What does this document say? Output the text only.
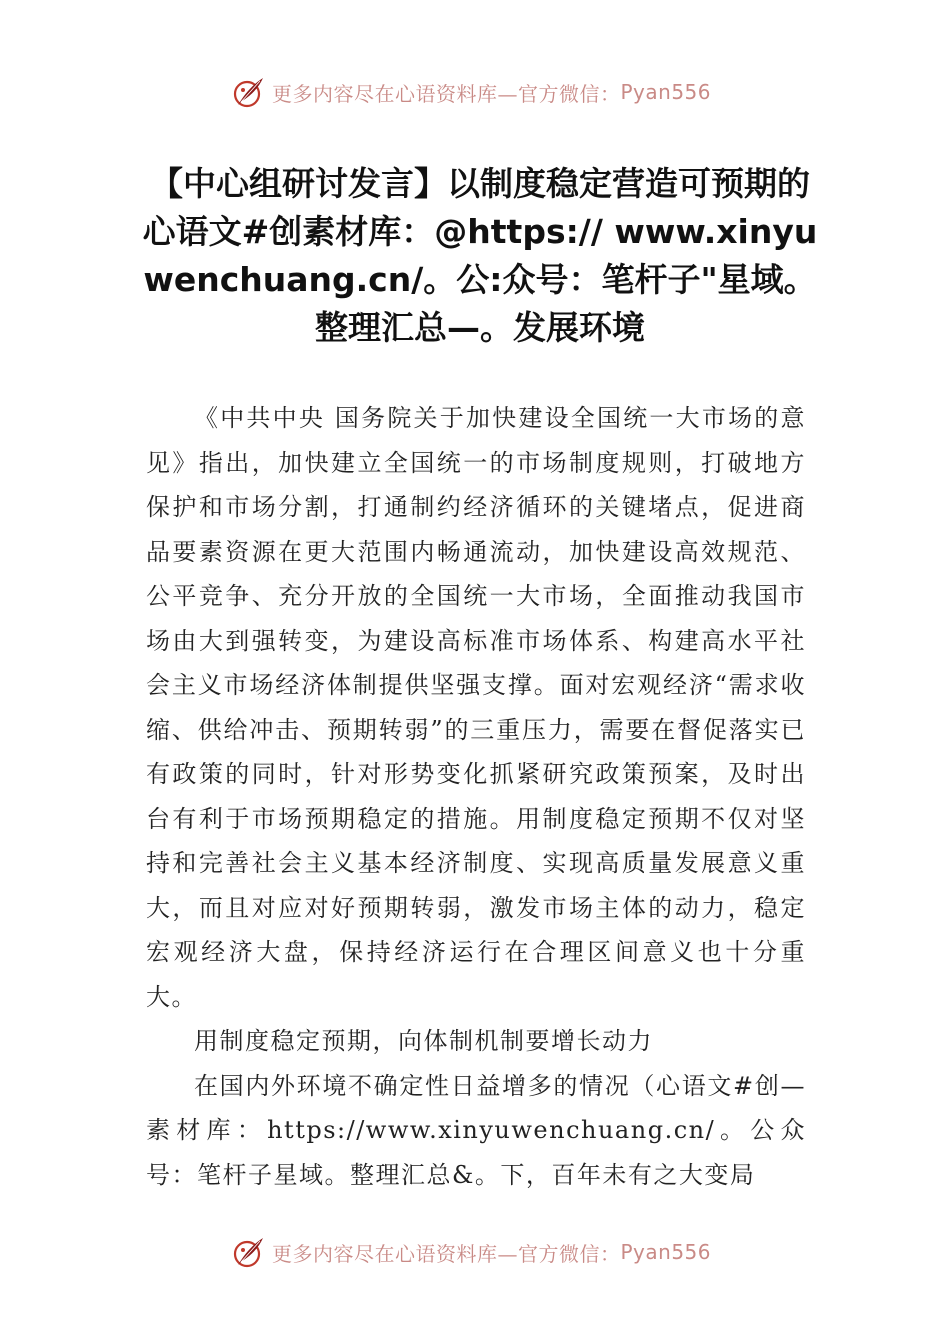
更多内容尽在心语资料库—官方微信： Pyan556
【中心组研讨发言】以制度稳定营造可预期的心语文#创素材库：@https:// www.xinyuwenchuang.cn/。公:众号：笔杆子"星域。整理汇总—。发展环境

《中共中央 国务院关于加快建设全国统一大市场的意见》指出，加快建立全国统一的市场制度规则，打破地方保护和市场分割，打通制约经济循环的关键堵点，促进商品要素资源在更大范围内畅通流动，加快建设高效规范、公平竞争、充分开放的全国统一大市场，全面推动我国市场由大到强转变，为建设高标准市场体系、构建高水平社会主义市场经济体制提供坚强支撑。面对宏观经济“需求收缩、供给冲击、预期转弱”的三重压力，需要在督促落实已有政策的同时，针对形势变化抓紧研究政策预案，及时出台有利于市场预期稳定的措施。用制度稳定预期不仅对坚持和完善社会主义基本经济制度、实现高质量发展意义重大，而且对应对好预期转弱，激发市场主体的动力，稳定宏观经济大盘，保持经济运行在合理区间意义也十分重大。

用制度稳定预期，向体制机制要增长动力

在国内外环境不确定性日益增多的情况（心语文#创—素材库：https://www.xinyuwenchuang.cn/。公众号：笔杆子星域。整理汇总&。下，百年未有之大变局

更多内容尽在心语资料库—官方微信： Pyan556
